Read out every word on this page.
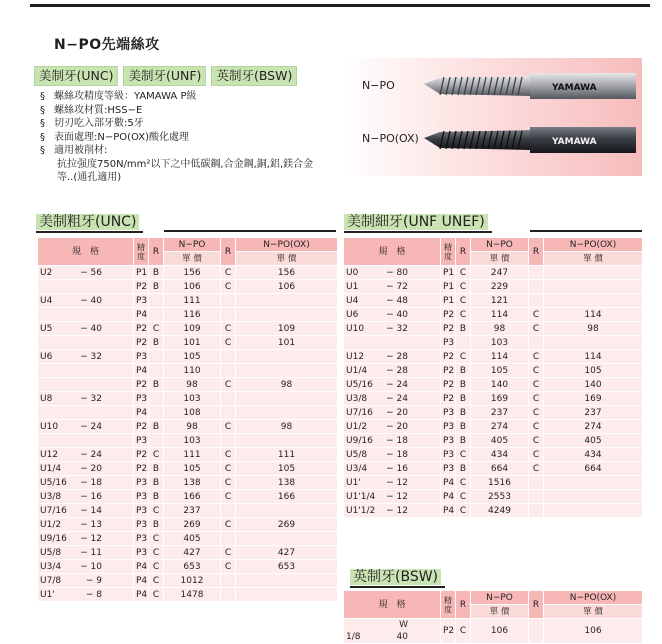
N−PO先端絲攻
美制牙(UNC)	美制牙(UNF)	英制牙(BSW)
§ 螺絲攻精度等級：YAMAWA P級
§ 螺絲攻材質:HSS−E
§ 切刃吃入部牙數:5牙
§ 表面處理:N−PO(OX)酸化處理
§ 適用被削材:
抗拉强度750N/mm²以下之中低碳鋼,合金鋼,銅,鋁,鎂合金
等..(通孔適用)
N−PO
N−PO(OX)
YAMAWA
YAMAWA
美制粗牙(UNC)	美制細牙(UNF UNEF)
英制牙(BSW)
規　格	精度	R	N−PO	R	N−PO(OX)
			單 價		單 價
U2 − 56	P1	B	156	C	156
	P2	B	106	C	106
U4 − 40	P3		111		
	P4		116		
U5 − 40	P2	C	109	C	109
	P2	B	101	C	101
U6 − 32	P3		105		
	P4		110		
	P2	B	98	C	98
U8 − 32	P3		103		
	P4		108		
U10 − 24	P2	B	98	C	98
	P3		103		
U12 − 24	P2	C	111	C	111
U1/4 − 20	P2	B	105	C	105
U5/16 − 18	P3	B	138	C	138
U3/8 − 16	P3	B	166	C	166
U7/16 − 14	P3	C	237		
U1/2 − 13	P3	B	269	C	269
U9/16 − 12	P3	C	405		
U5/8 − 11	P3	C	427	C	427
U3/4 − 10	P4	C	653	C	653
U7/8 − 9	P4	C	1012		
U1' − 8	P4	C	1478		
規　格	精度	R	N−PO	R	N−PO(OX)
			單 價		單 價
U0 − 80	P1	C	247		
U1 − 72	P1	C	229		
U4 − 48	P1	C	121		
U6 − 40	P2	C	114	C	114
U10 − 32	P2	B	98	C	98
	P3		103		
U12 − 28	P2	C	114	C	114
U1/4 − 28	P2	B	105	C	105
U5/16 − 24	P2	B	140	C	140
U3/8 − 24	P2	B	169	C	169
U7/16 − 20	P3	B	237	C	237
U1/2 − 20	P3	B	274	C	274
U9/16 − 18	P3	B	405	C	405
U5/8 − 18	P3	C	434	C	434
U3/4 − 16	P3	B	664	C	664
U1' − 12	P4	C	1516		
U1'1/4 − 12	P4	C	2553		
U1'1/2 − 12	P4	C	4249		
規　格	精度	R	N−PO	R	N−PO(OX)
			單 價		單 價
1/8W 40	P2	C	106		106
